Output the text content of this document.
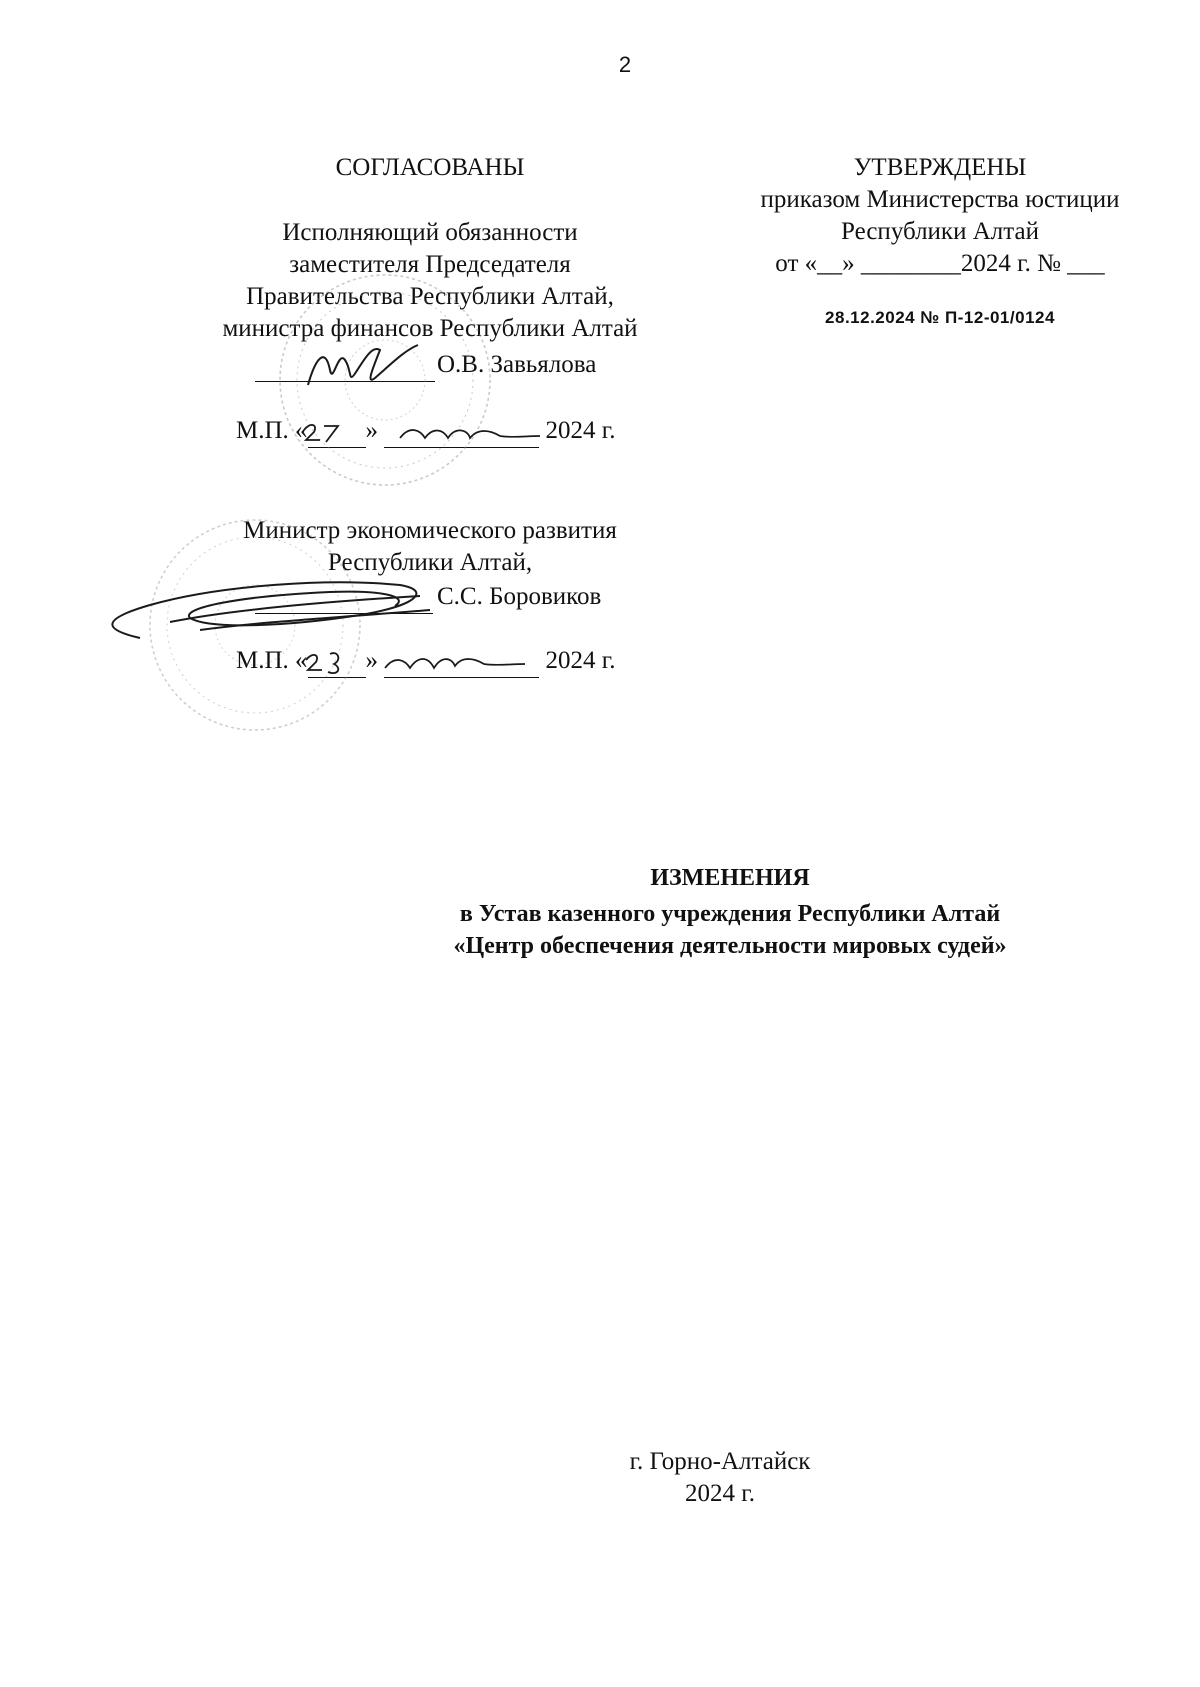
2
СОГЛАСОВАНЫ
Исполняющий обязанности
заместителя Председателя
Правительства Республики Алтай,
министра финансов Республики Алтай

О.В. Завьялова
М.П. « »	2024 г.
Министр экономического развития
Республики Алтай,

С.С. Боровиков
М.П. « »	2024 г.
УТВЕРЖДЕНЫ
приказом Министерства юстиции
Республики Алтай
от «__» ________2024 г. № ___
28.12.2024 № П-12-01/0124
ИЗМЕНЕНИЯ
в Устав казенного учреждения Республики Алтай
«Центр обеспечения деятельности мировых судей»
г. Горно-Алтайск
2024 г.
